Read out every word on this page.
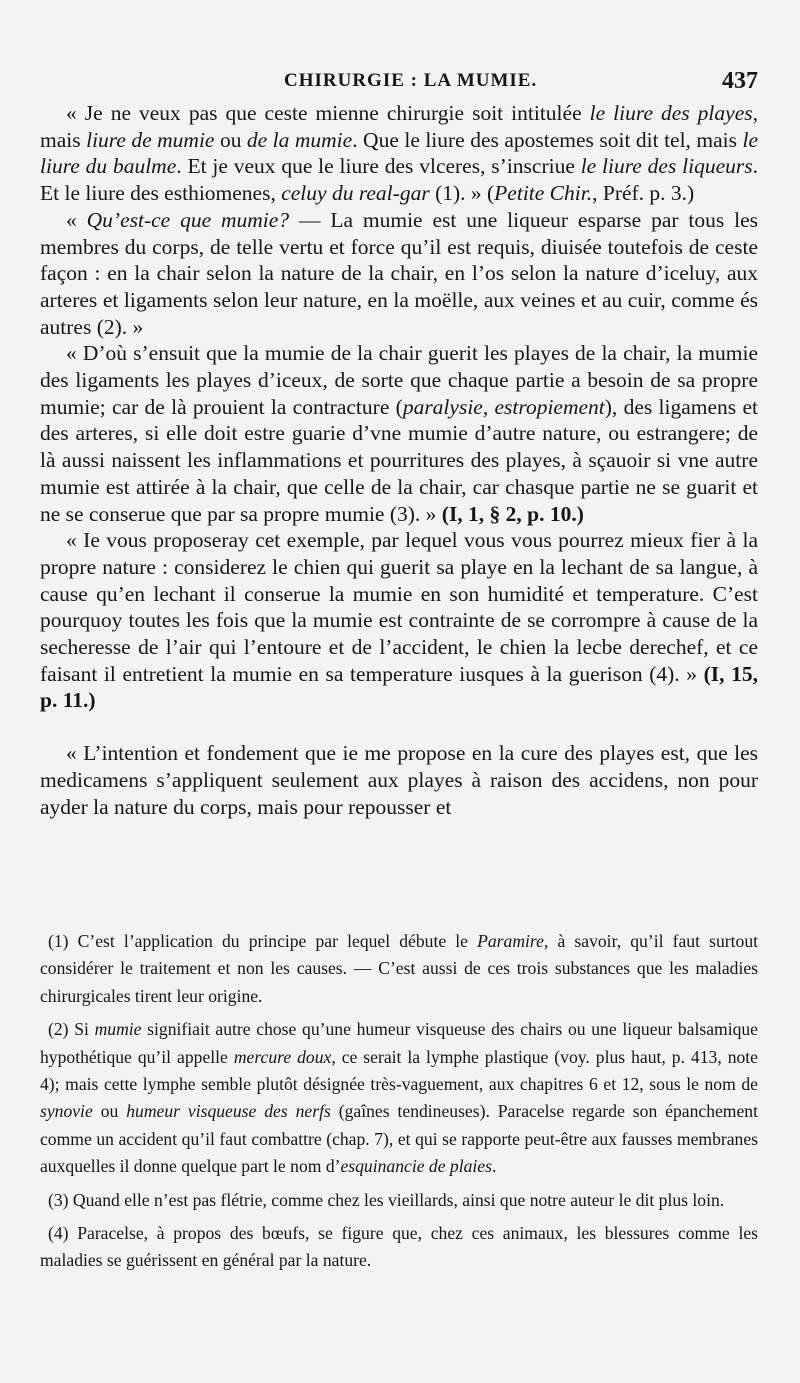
CHIRURGIE : LA MUMIE.	437

« Je ne veux pas que ceste mienne chirurgie soit intitulée le liure des playes, mais liure de mumie ou de la mumie. Que le liure des apostemes soit dit tel, mais le liure du baulme. Et je veux que le liure des vlceres, s’inscriue le liure des liqueurs. Et le liure des esthiomenes, celuy du real-gar (1). » (Petite Chir., Préf. p. 3.)

« Qu’est-ce que mumie? — La mumie est une liqueur esparse par tous les membres du corps, de telle vertu et force qu’il est requis, diuisée toutefois de ceste façon : en la chair selon la nature de la chair, en l’os selon la nature d’iceluy, aux arteres et ligaments selon leur nature, en la moëlle, aux veines et au cuir, comme és autres (2). »

« D’où s’ensuit que la mumie de la chair guerit les playes de la chair, la mumie des ligaments les playes d’iceux, de sorte que chaque partie a besoin de sa propre mumie; car de là prouient la contracture (paralysie, estropiement), des ligamens et des arteres, si elle doit estre guarie d’vne mumie d’autre nature, ou estrangere; de là aussi naissent les inflammations et pourritures des playes, à sçauoir si vne autre mumie est attirée à la chair, que celle de la chair, car chasque partie ne se guarit et ne se conserue que par sa propre mumie (3). » (I, 1, § 2, p. 10.)

« Ie vous proposeray cet exemple, par lequel vous vous pourrez mieux fier à la propre nature : considerez le chien qui guerit sa playe en la lechant de sa langue, à cause qu’en lechant il conserue la mumie en son humidité et temperature. C’est pourquoy toutes les fois que la mumie est contrainte de se corrompre à cause de la secheresse de l’air qui l’entoure et de l’accident, le chien la lecbe derechef, et ce faisant il entretient la mumie en sa temperature iusques à la guerison (4). » (I, 15, p. 11.)

« L’intention et fondement que ie me propose en la cure des playes est, que les medicamens s’appliquent seulement aux playes à raison des accidens, non pour ayder la nature du corps, mais pour repousser et

(1) C’est l’application du principe par lequel débute le Paramire, à savoir, qu’il faut surtout considérer le traitement et non les causes. — C’est aussi de ces trois substances que les maladies chirurgicales tirent leur origine.

(2) Si mumie signifiait autre chose qu’une humeur visqueuse des chairs ou une liqueur balsamique hypothétique qu’il appelle mercure doux, ce serait la lymphe plastique (voy. plus haut, p. 413, note 4); mais cette lymphe semble plutôt désignée très-vaguement, aux chapitres 6 et 12, sous le nom de synovie ou humeur visqueuse des nerfs (gaînes tendineuses). Paracelse regarde son épanchement comme un accident qu’il faut combattre (chap. 7), et qui se rapporte peut-être aux fausses membranes auxquelles il donne quelque part le nom d’esquinancie de plaies.

(3) Quand elle n’est pas flétrie, comme chez les vieillards, ainsi que notre auteur le dit plus loin.

(4) Paracelse, à propos des bœufs, se figure que, chez ces animaux, les blessures comme les maladies se guérissent en général par la nature.
